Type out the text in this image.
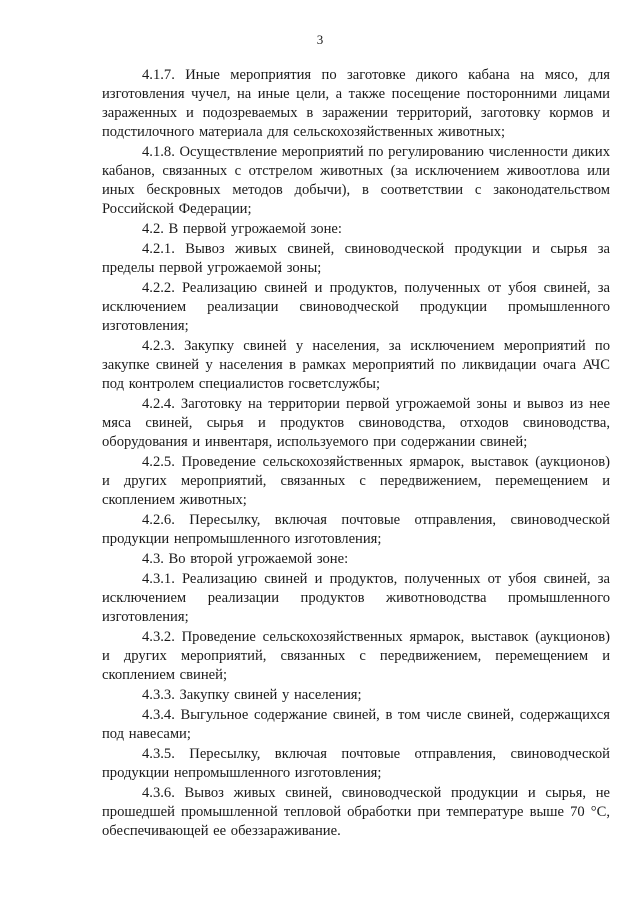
3

4.1.7. Иные мероприятия по заготовке дикого кабана на мясо, для изготовления чучел, на иные цели, а также посещение посторонними лицами зараженных и подозреваемых в заражении территорий, заготовку кормов и подстилочного материала для сельскохозяйственных животных;

4.1.8. Осуществление мероприятий по регулированию численности диких кабанов, связанных с отстрелом животных (за исключением живоотлова или иных бескровных методов добычи), в соответствии с законодательством Российской Федерации;

4.2. В первой угрожаемой зоне:

4.2.1. Вывоз живых свиней, свиноводческой продукции и сырья за пределы первой угрожаемой зоны;

4.2.2. Реализацию свиней и продуктов, полученных от убоя свиней, за исключением реализации свиноводческой продукции промышленного изготовления;

4.2.3. Закупку свиней у населения, за исключением мероприятий по закупке свиней у населения в рамках мероприятий по ликвидации очага АЧС под контролем специалистов госветслужбы;

4.2.4. Заготовку на территории первой угрожаемой зоны и вывоз из нее мяса свиней, сырья и продуктов свиноводства, отходов свиноводства, оборудования и инвентаря, используемого при содержании свиней;

4.2.5. Проведение сельскохозяйственных ярмарок, выставок (аукционов) и других мероприятий, связанных с передвижением, перемещением и скоплением животных;

4.2.6. Пересылку, включая почтовые отправления, свиноводческой продукции непромышленного изготовления;

4.3. Во второй угрожаемой зоне:

4.3.1. Реализацию свиней и продуктов, полученных от убоя свиней, за исключением реализации продуктов животноводства промышленного изготовления;

4.3.2. Проведение сельскохозяйственных ярмарок, выставок (аукционов) и других мероприятий, связанных с передвижением, перемещением и скоплением свиней;

4.3.3. Закупку свиней у населения;

4.3.4. Выгульное содержание свиней, в том числе свиней, содержащихся под навесами;

4.3.5. Пересылку, включая почтовые отправления, свиноводческой продукции непромышленного изготовления;

4.3.6. Вывоз живых свиней, свиноводческой продукции и сырья, не прошедшей промышленной тепловой обработки при температуре выше 70 °С, обеспечивающей ее обеззараживание.
